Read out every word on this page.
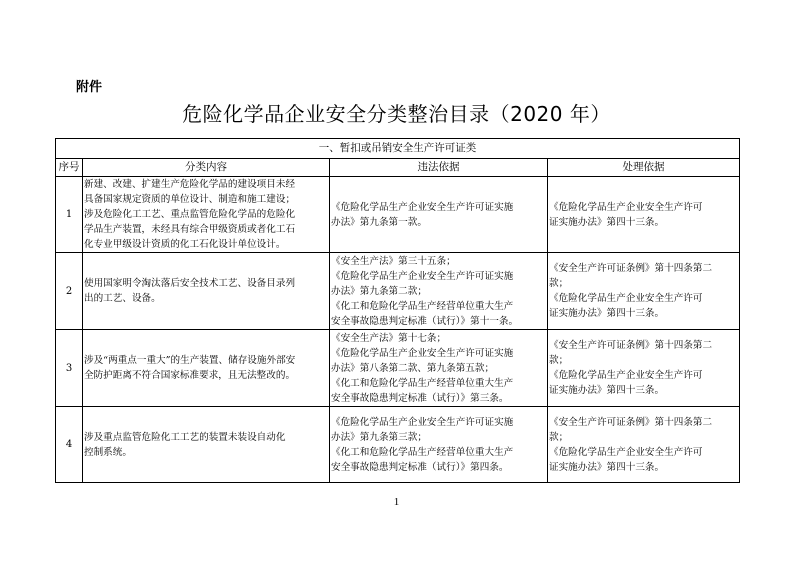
附件
危险化学品企业安全分类整治目录（2020 年）
一、暂扣或吊销安全生产许可证类			
序号	分类内容	违法依据	处理依据
1	新建、改建、扩建生产危险化学品的建设项目未经
具备国家规定资质的单位设计、制造和施工建设；
涉及危险化工工艺、重点监管危险化学品的危险化
学品生产装置，未经具有综合甲级资质或者化工石
化专业甲级设计资质的化工石化设计单位设计。	《危险化学品生产企业安全生产许可证实施
办法》第九条第一款。	《危险化学品生产企业安全生产许可
证实施办法》第四十三条。

2	使用国家明令淘汰落后安全技术工艺、设备目录列
出的工艺、设备。	《安全生产法》第三十五条；
《危险化学品生产企业安全生产许可证实施
办法》第九条第二款；
《化工和危险化学品生产经营单位重大生产
安全事故隐患判定标准（试行）》第十一条。	《安全生产许可证条例》第十四条第二
款；
《危险化学品生产企业安全生产许可
证实施办法》第四十三条。

3	涉及“两重点一重大”的生产装置、储存设施外部安
全防护距离不符合国家标准要求，且无法整改的。	《安全生产法》第十七条；
《危险化学品生产企业安全生产许可证实施
办法》第八条第二款、第九条第五款；
《化工和危险化学品生产经营单位重大生产
安全事故隐患判定标准（试行）》第三条。	《安全生产许可证条例》第十四条第二
款；
《危险化学品生产企业安全生产许可
证实施办法》第四十三条。

4	涉及重点监管危险化工工艺的装置未装设自动化
控制系统。	《危险化学品生产企业安全生产许可证实施
办法》第九条第三款；
《化工和危险化学品生产经营单位重大生产
安全事故隐患判定标准（试行）》第四条。	《安全生产许可证条例》第十四条第二
款；
《危险化学品生产企业安全生产许可
证实施办法》第四十三条。
1
